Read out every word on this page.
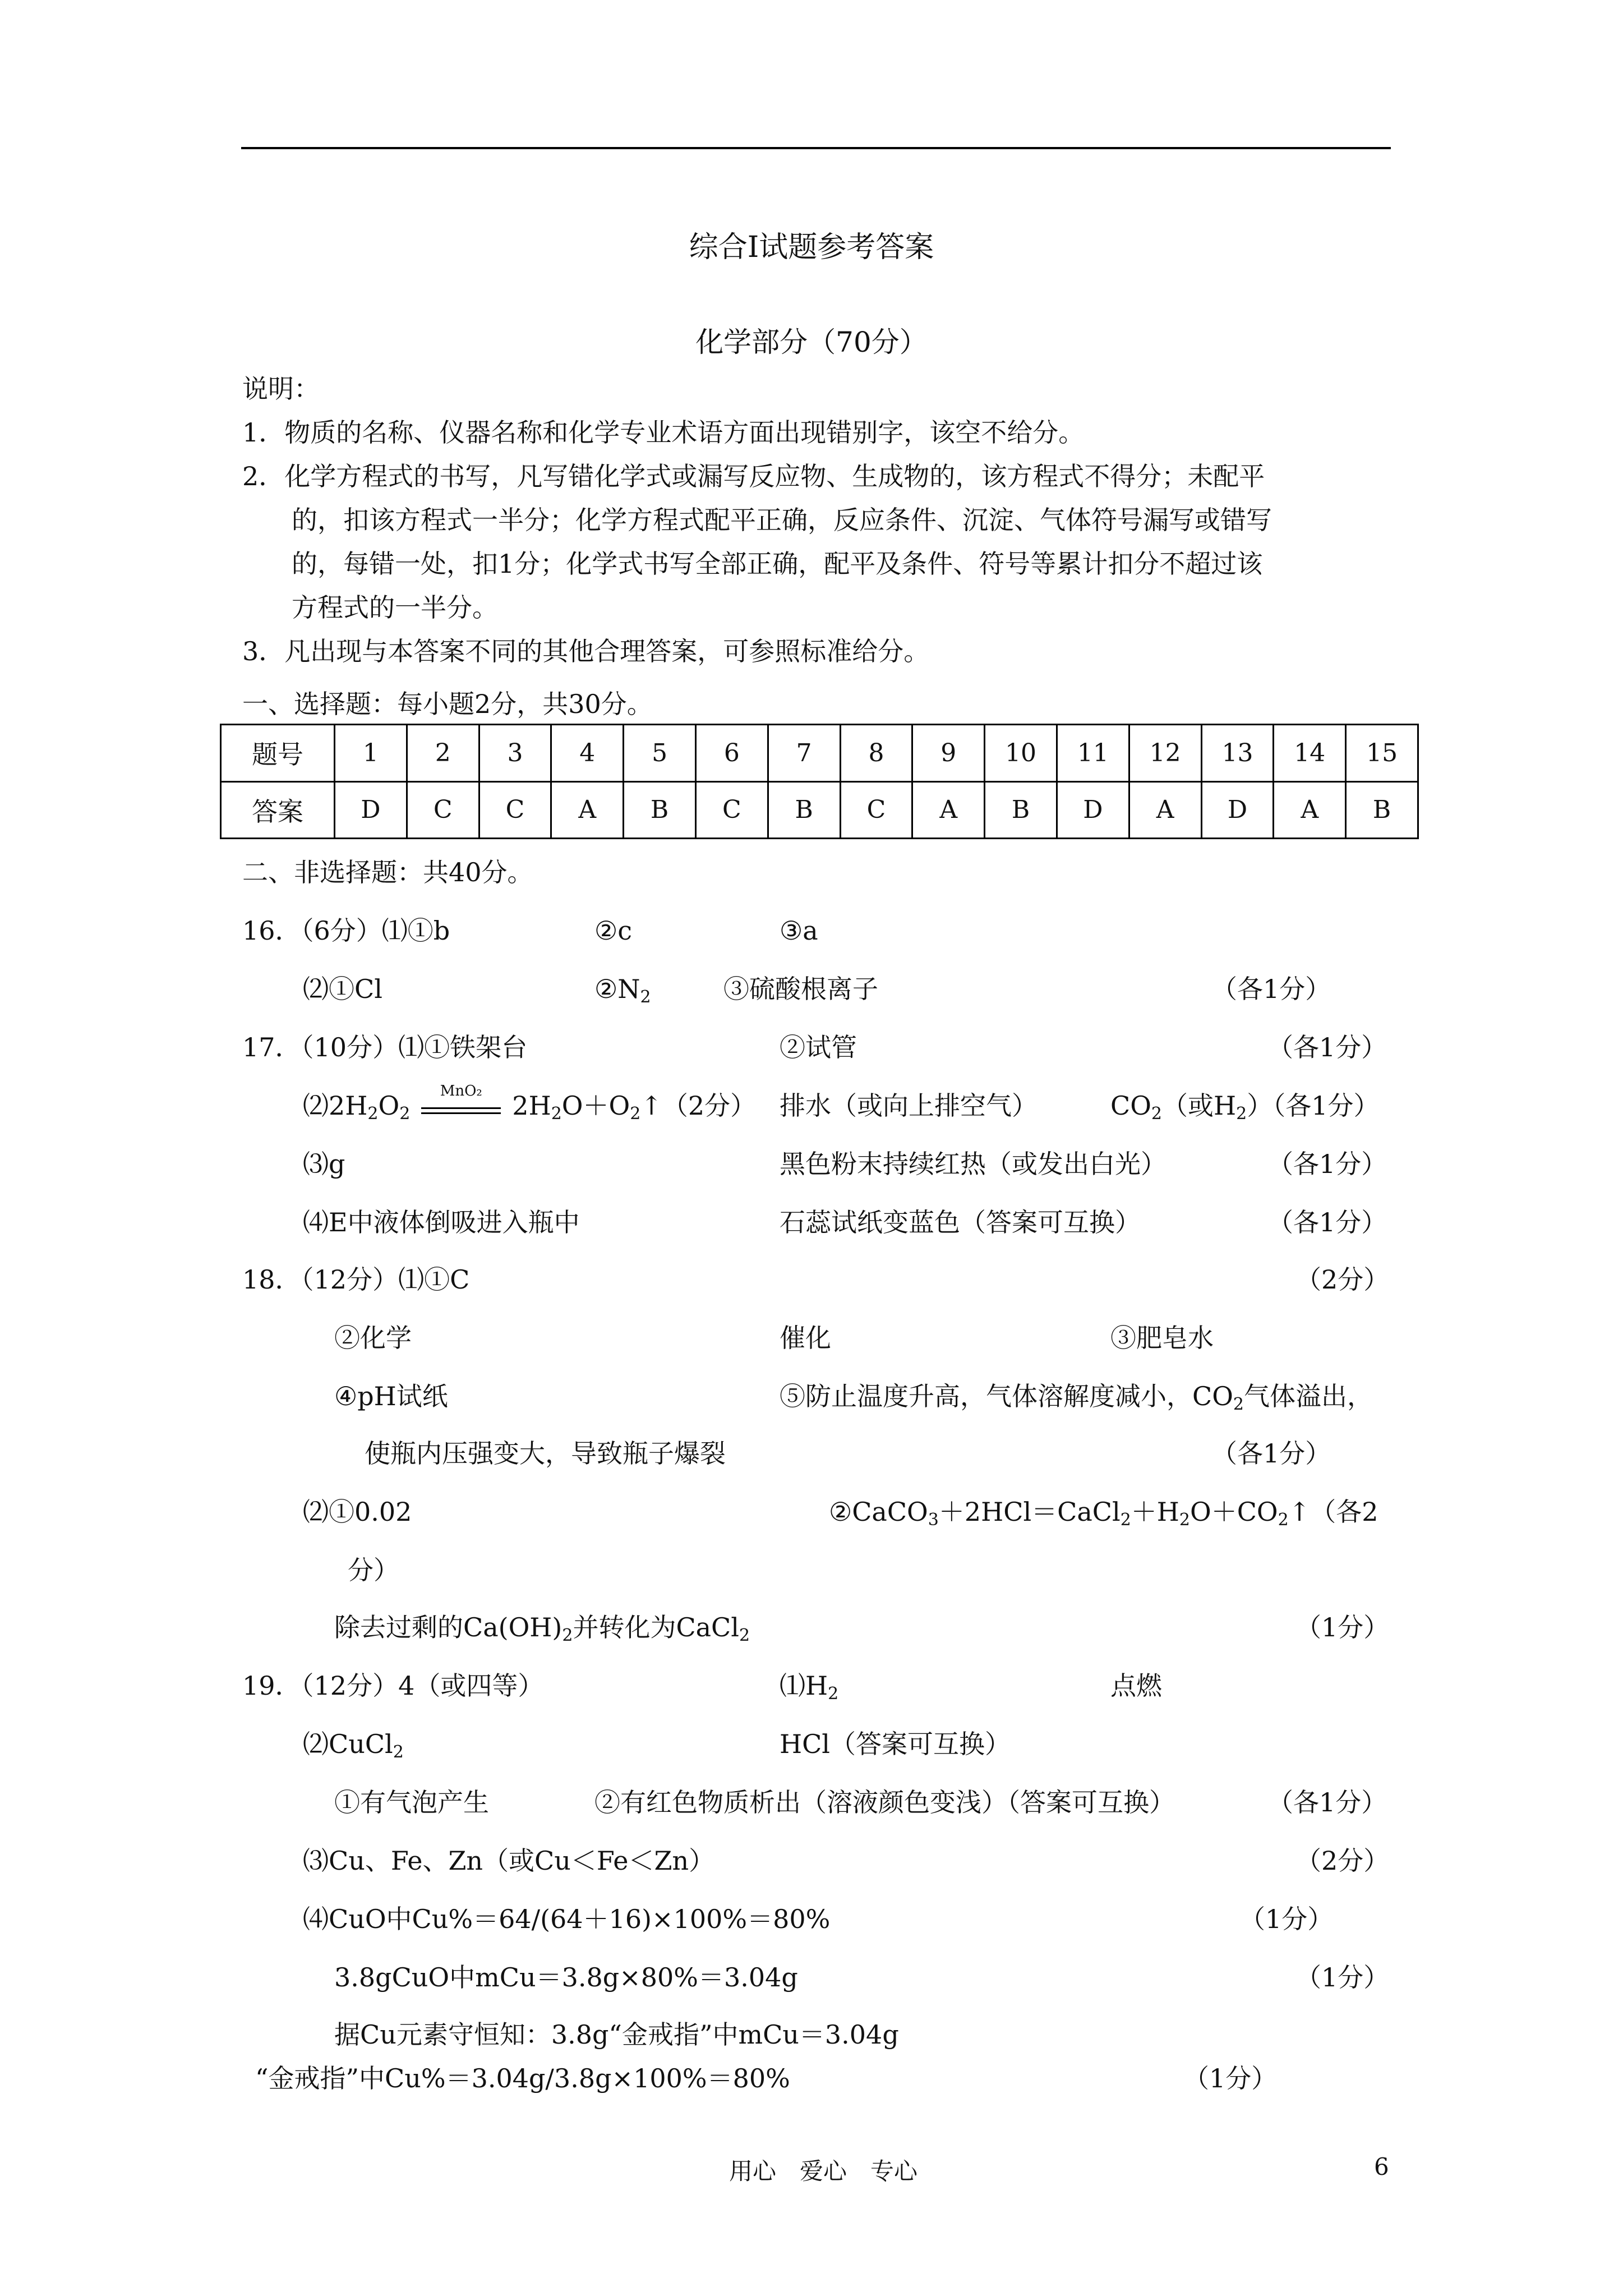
综合Ⅰ试题参考答案
化学部分（70分）
说明：
1．物质的名称、仪器名称和化学专业术语方面出现错别字，该空不给分。
2．化学方程式的书写，凡写错化学式或漏写反应物、生成物的，该方程式不得分；未配平
的，扣该方程式一半分；化学方程式配平正确，反应条件、沉淀、气体符号漏写或错写
的，每错一处，扣1分；化学式书写全部正确，配平及条件、符号等累计扣分不超过该
方程式的一半分。
3．凡出现与本答案不同的其他合理答案，可参照标准给分。
一、选择题：每小题2分，共30分。
题号	1	2	3	4	5	6	7	8	9	10	11	12	13	14	15
答案	D	C	C	A	B	C	B	C	A	B	D	A	D	A	B
二、非选择题：共40分。
16．（6分）⑴①b	②c	③a
⑵①Cl	$②N_2$	③硫酸根离子	（各1分）
17．（10分）⑴①铁架台	②试管	（各1分）
$⑵2H_2O_2$
MnO₂	$2H_2O+O_2↑(2$分） 排水（或向上排空气）	$CO_2$（或$H_2$）（各1分）
⑶g	黑色粉末持续红热（或发出白光）	（各1分）
⑷E中液体倒吸进入瓶中	石蕊试纸变蓝色（答案可互换）	（各1分）
18．（12分）⑴①C	（2分）
②化学	催化	③肥皂水
④pH试纸	⑤防止温度升高，气体溶解度减小，$CO_2$气体溢出，
使瓶内压强变大，导致瓶子爆裂	（各1分）
⑵①0.02	$②CaCO_3+2HCl=CaCl_2+H_2O+CO_2↑$（各2
分）
除去过剩的$Ca(OH)_2$并转化为CaCl$_2$	（1分）
19．（12分）4（或四等）	$⑴H_2$	点燃
⑵CuCl$_2$	HCl（答案可互换）
①有气泡产生	②有红色物质析出（溶液颜色变浅）（答案可互换）	（各1分）
⑶Cu、Fe、Zn（或Cu＜Fe＜Zn）	（2分）
⑷CuO中Cu%＝64/(64＋16)×100%＝80%	（1分）
3.8gCuO中mCu＝3.8g×80%＝3.04g	（1分）
据Cu元素守恒知：3.8g“金戒指”中mCu＝3.04g
“金戒指”中Cu%＝3.04g/3.8g×100%＝80%	（1分）
用心　爱心　专心	6
